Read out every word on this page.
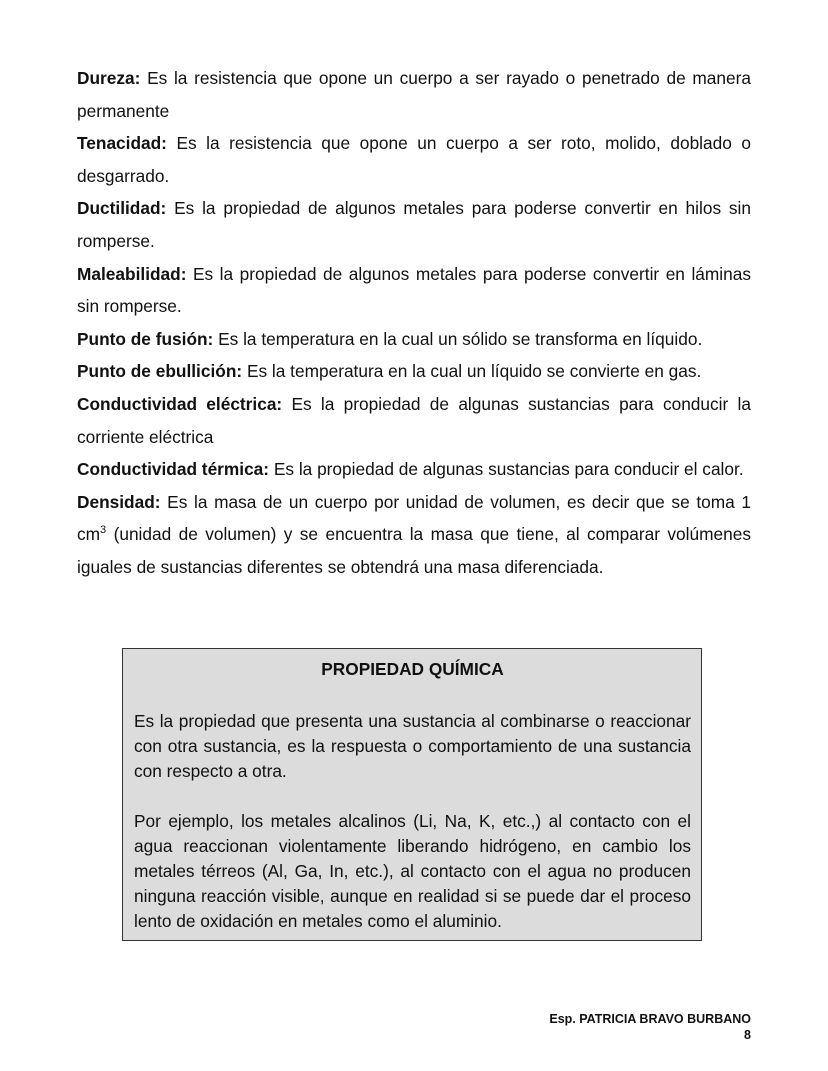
Dureza: Es la resistencia que opone un cuerpo a ser rayado o penetrado de manera permanente

Tenacidad: Es la resistencia que opone un cuerpo a ser roto, molido, doblado o desgarrado.

Ductilidad: Es la propiedad de algunos metales para poderse convertir en hilos sin romperse.

Maleabilidad: Es la propiedad de algunos metales para poderse convertir en láminas sin romperse.

Punto de fusión: Es la temperatura en la cual un sólido se transforma en líquido.

Punto de ebullición: Es la temperatura en la cual un líquido se convierte en gas.

Conductividad eléctrica: Es la propiedad de algunas sustancias para conducir la corriente eléctrica

Conductividad térmica: Es la propiedad de algunas sustancias para conducir el calor.

Densidad: Es la masa de un cuerpo por unidad de volumen, es decir que se toma 1 $cm^3$ (unidad de volumen) y se encuentra la masa que tiene, al comparar volúmenes iguales de sustancias diferentes se obtendrá una masa diferenciada.

PROPIEDAD QUÍMICA

Es la propiedad que presenta una sustancia al combinarse o reaccionar con otra sustancia, es la respuesta o comportamiento de una sustancia con respecto a otra.

Por ejemplo, los metales alcalinos (Li, Na, K, etc.,) al contacto con el agua reaccionan violentamente liberando hidrógeno, en cambio los metales térreos (Al, Ga, In, etc.), al contacto con el agua no producen ninguna reacción visible, aunque en realidad si se puede dar el proceso lento de oxidación en metales como el aluminio.

Esp. PATRICIA BRAVO BURBANO
8
